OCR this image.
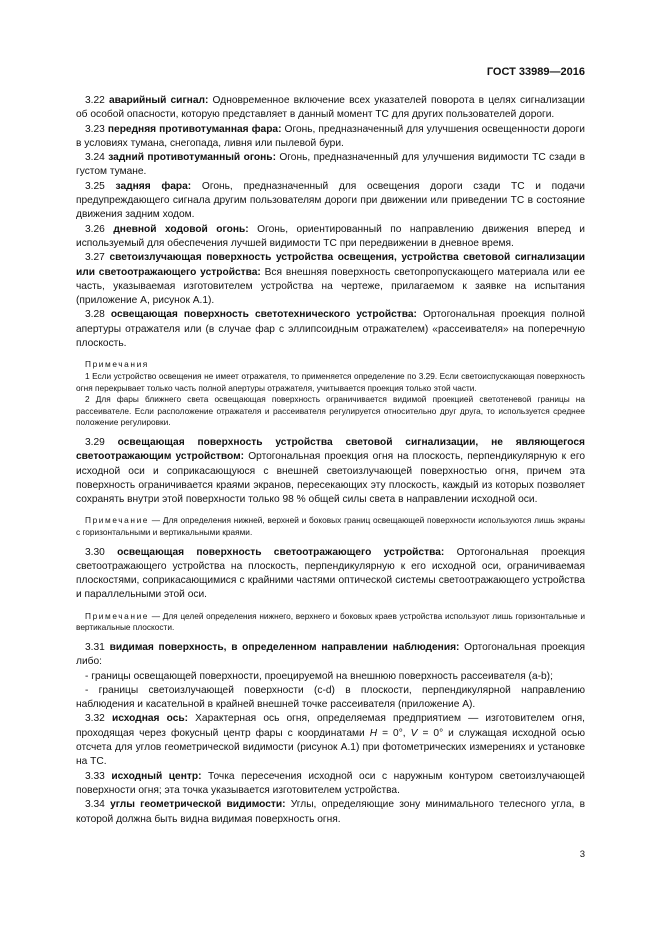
ГОСТ 33989—2016

3.22 аварийный сигнал: Одновременное включение всех указателей поворота в целях сигнализации об особой опасности, которую представляет в данный момент ТС для других пользователей дороги.

3.23 передняя противотуманная фара: Огонь, предназначенный для улучшения освещенности дороги в условиях тумана, снегопада, ливня или пылевой бури.

3.24 задний противотуманный огонь: Огонь, предназначенный для улучшения видимости ТС сзади в густом тумане.

3.25 задняя фара: Огонь, предназначенный для освещения дороги сзади ТС и подачи предупреждающего сигнала другим пользователям дороги при движении или приведении ТС в состояние движения задним ходом.

3.26 дневной ходовой огонь: Огонь, ориентированный по направлению движения вперед и используемый для обеспечения лучшей видимости ТС при передвижении в дневное время.

3.27 светоизлучающая поверхность устройства освещения, устройства световой сигнализации или светоотражающего устройства: Вся внешняя поверхность светопропускающего материала или ее часть, указываемая изготовителем устройства на чертеже, прилагаемом к заявке на испытания (приложение А, рисунок А.1).

3.28 освещающая поверхность светотехнического устройства: Ортогональная проекция полной апертуры отражателя или (в случае фар с эллипсоидным отражателем) «рассеивателя» на поперечную плоскость.

Примечания

1 Если устройство освещения не имеет отражателя, то применяется определение по 3.29. Если светоиспускающая поверхность огня перекрывает только часть полной апертуры отражателя, учитывается проекция только этой части.

2 Для фары ближнего света освещающая поверхность ограничивается видимой проекцией светотеневой границы на рассеивателе. Если расположение отражателя и рассеивателя регулируется относительно друг друга, то используется среднее положение регулировки.

3.29 освещающая поверхность устройства световой сигнализации, не являющегося светоотражающим устройством: Ортогональная проекция огня на плоскость, перпендикулярную к его исходной оси и соприкасающуюся с внешней светоизлучающей поверхностью огня, причем эта поверхность ограничивается краями экранов, пересекающих эту плоскость, каждый из которых позволяет сохранять внутри этой поверхности только 98 % общей силы света в направлении исходной оси.

Примечание — Для определения нижней, верхней и боковых границ освещающей поверхности используются лишь экраны с горизонтальными и вертикальными краями.

3.30 освещающая поверхность светоотражающего устройства: Ортогональная проекция светоотражающего устройства на плоскость, перпендикулярную к его исходной оси, ограничиваемая плоскостями, соприкасающимися с крайними частями оптической системы светоотражающего устройства и параллельными этой оси.

Примечание — Для целей определения нижнего, верхнего и боковых краев устройства используют лишь горизонтальные и вертикальные плоскости.

3.31 видимая поверхность, в определенном направлении наблюдения: Ортогональная проекция либо:

- границы освещающей поверхности, проецируемой на внешнюю поверхность рассеивателя (a-b);

- границы светоизлучающей поверхности (c-d) в плоскости, перпендикулярной направлению наблюдения и касательной в крайней внешней точке рассеивателя (приложение А).

3.32 исходная ось: Характерная ось огня, определяемая предприятием — изготовителем огня, проходящая через фокусный центр фары с координатами H = 0°, V = 0° и служащая исходной осью отсчета для углов геометрической видимости (рисунок А.1) при фотометрических измерениях и установке на ТС.

3.33 исходный центр: Точка пересечения исходной оси с наружным контуром светоизлучающей поверхности огня; эта точка указывается изготовителем устройства.

3.34 углы геометрической видимости: Углы, определяющие зону минимального телесного угла, в которой должна быть видна видимая поверхность огня.

3
